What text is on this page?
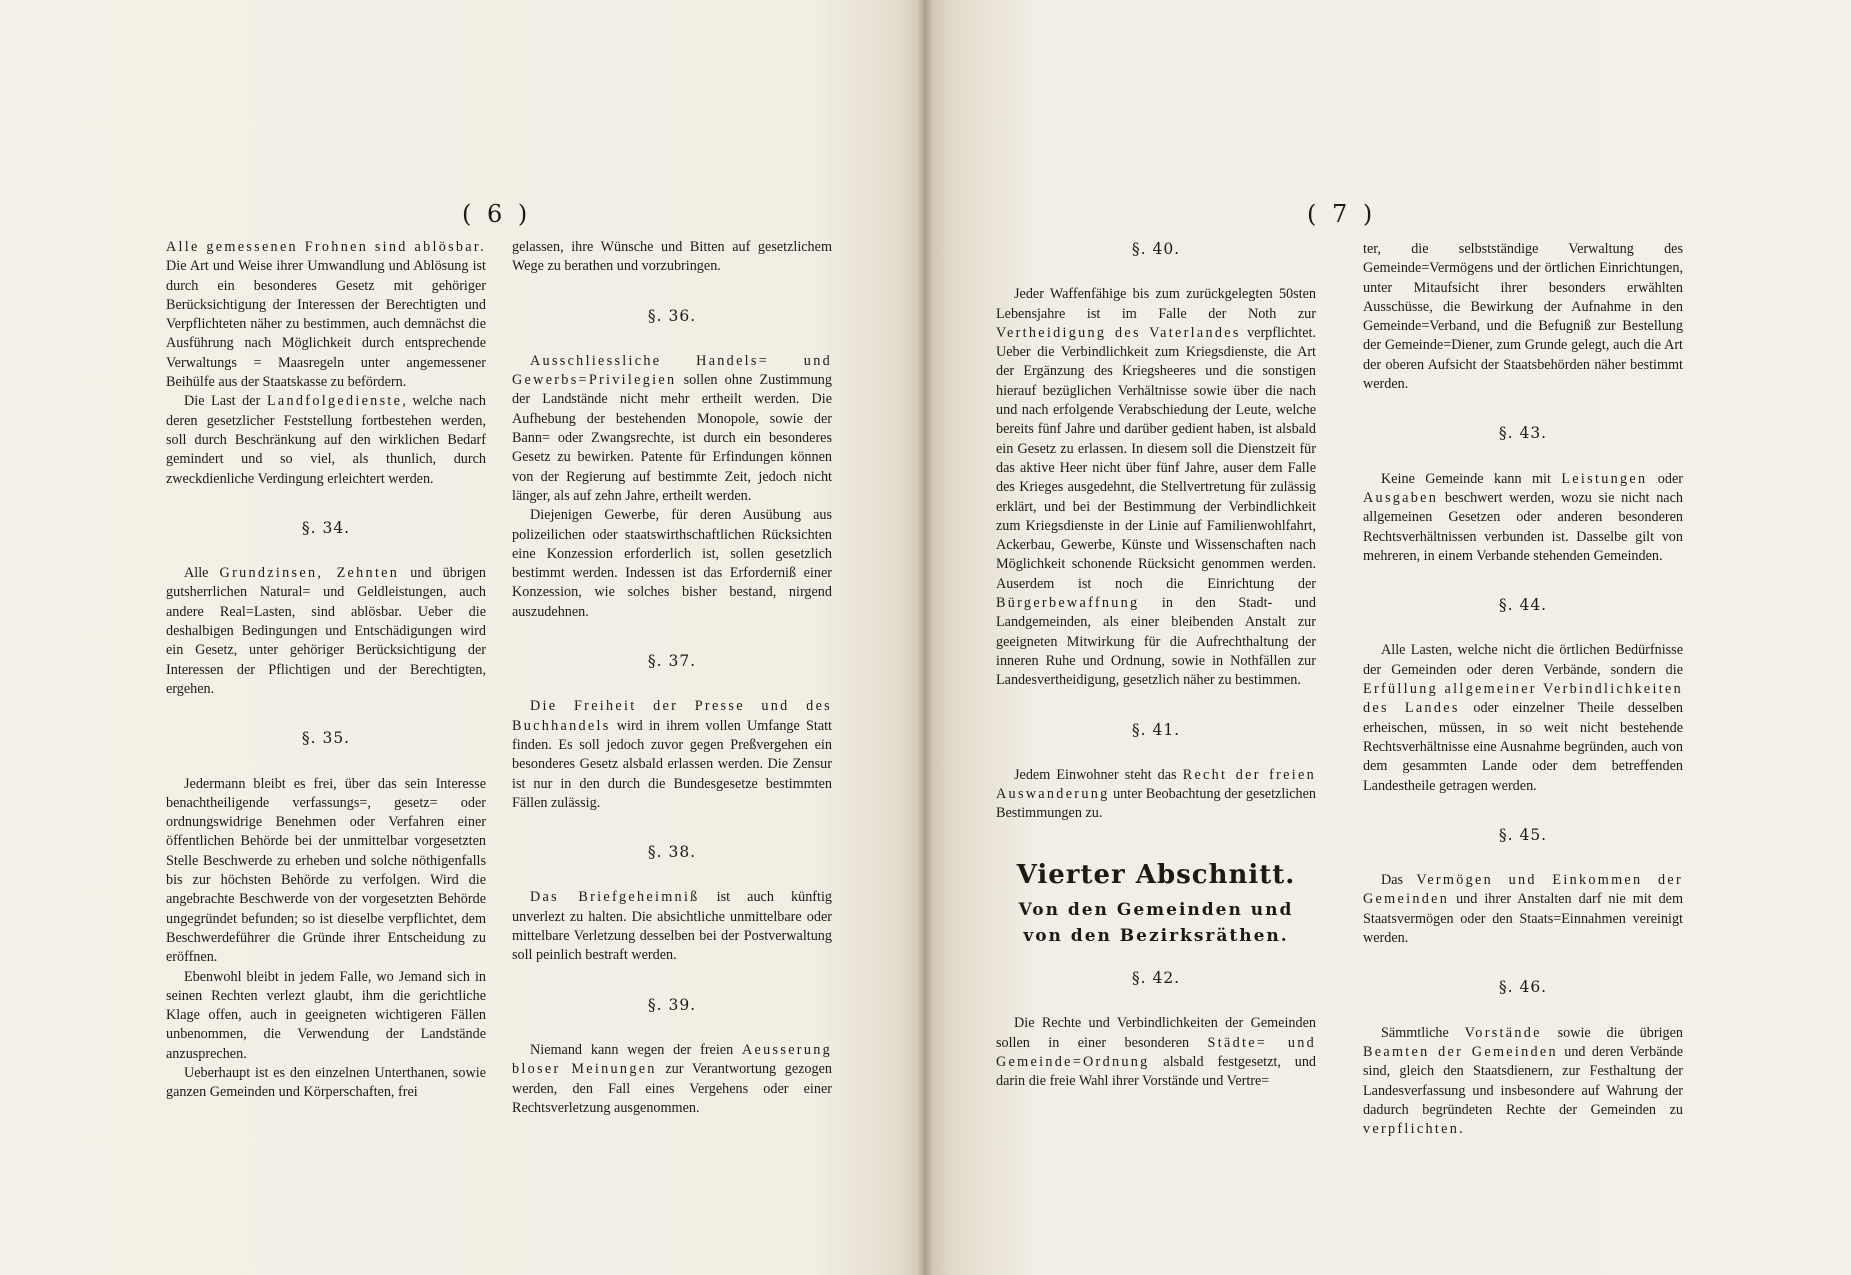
( 6 )	( 7 )

Alle gemessenen Frohnen sind ablösbar. Die Art und Weise ihrer Umwandlung und Ablösung ist durch ein besonderes Gesetz mit gehöriger Berücksichtigung der Interessen der Berechtigten und Verpflichteten näher zu bestimmen, auch demnächst die Ausführung nach Möglichkeit durch entsprechende Verwaltungs = Maasregeln unter angemessener Beihülfe aus der Staatskasse zu befördern.

Die Last der Landfolgedienste, welche nach deren gesetzlicher Feststellung fortbestehen werden, soll durch Beschränkung auf den wirklichen Bedarf gemindert und so viel, als thunlich, durch zweckdienliche Verdingung erleichtert werden.

§. 34.

Alle Grundzinsen, Zehnten und übrigen gutsherrlichen Natural= und Geldleistungen, auch andere Real=Lasten, sind ablösbar. Ueber die deshalbigen Bedingungen und Entschädigungen wird ein Gesetz, unter gehöriger Berücksichtigung der Interessen der Pflichtigen und der Berechtigten, ergehen.

§. 35.

Jedermann bleibt es frei, über das sein Interesse benachtheiligende verfassungs=, gesetz= oder ordnungswidrige Benehmen oder Verfahren einer öffentlichen Behörde bei der unmittelbar vorgesetzten Stelle Beschwerde zu erheben und solche nöthigenfalls bis zur höchsten Behörde zu verfolgen. Wird die angebrachte Beschwerde von der vorgesetzten Behörde ungegründet befunden; so ist dieselbe verpflichtet, dem Beschwerdeführer die Gründe ihrer Entscheidung zu eröffnen.

Ebenwohl bleibt in jedem Falle, wo Jemand sich in seinen Rechten verlezt glaubt, ihm die gerichtliche Klage offen, auch in geeigneten wichtigeren Fällen unbenommen, die Verwendung der Landstände anzusprechen.

Ueberhaupt ist es den einzelnen Unterthanen, sowie ganzen Gemeinden und Körperschaften, frei

gelassen, ihre Wünsche und Bitten auf gesetzlichem Wege zu berathen und vorzubringen.

§. 36.

Ausschliessliche Handels= und Gewerbs=Privilegien sollen ohne Zustimmung der Landstände nicht mehr ertheilt werden. Die Aufhebung der bestehenden Monopole, sowie der Bann= oder Zwangsrechte, ist durch ein besonderes Gesetz zu bewirken. Patente für Erfindungen können von der Regierung auf bestimmte Zeit, jedoch nicht länger, als auf zehn Jahre, ertheilt werden.

Diejenigen Gewerbe, für deren Ausübung aus polizeilichen oder staatswirthschaftlichen Rücksichten eine Konzession erforderlich ist, sollen gesetzlich bestimmt werden. Indessen ist das Erforderniß einer Konzession, wie solches bisher bestand, nirgend auszudehnen.

§. 37.

Die Freiheit der Presse und des Buchhandels wird in ihrem vollen Umfange Statt finden. Es soll jedoch zuvor gegen Preßvergehen ein besonderes Gesetz alsbald erlassen werden. Die Zensur ist nur in den durch die Bundesgesetze bestimmten Fällen zulässig.

§. 38.

Das Briefgeheimniß ist auch künftig unverlezt zu halten. Die absichtliche unmittelbare oder mittelbare Verletzung desselben bei der Postverwaltung soll peinlich bestraft werden.

§. 39.

Niemand kann wegen der freien Aeusserung bloser Meinungen zur Verantwortung gezogen werden, den Fall eines Vergehens oder einer Rechtsverletzung ausgenommen.

§. 40.

Jeder Waffenfähige bis zum zurückgelegten 50sten Lebensjahre ist im Falle der Noth zur Vertheidigung des Vaterlandes verpflichtet. Ueber die Verbindlichkeit zum Kriegsdienste, die Art der Ergänzung des Kriegsheeres und die sonstigen hierauf bezüglichen Verhältnisse sowie über die nach und nach erfolgende Verabschiedung der Leute, welche bereits fünf Jahre und darüber gedient haben, ist alsbald ein Gesetz zu erlassen. In diesem soll die Dienstzeit für das aktive Heer nicht über fünf Jahre, auser dem Falle des Krieges ausgedehnt, die Stellvertretung für zulässig erklärt, und bei der Bestimmung der Verbindlichkeit zum Kriegsdienste in der Linie auf Familienwohlfahrt, Ackerbau, Gewerbe, Künste und Wissenschaften nach Möglichkeit schonende Rücksicht genommen werden. Auserdem ist noch die Einrichtung der Bürgerbewaffnung in den Stadt- und Landgemeinden, als einer bleibenden Anstalt zur geeigneten Mitwirkung für die Aufrechthaltung der inneren Ruhe und Ordnung, sowie in Nothfällen zur Landesvertheidigung, gesetzlich näher zu bestimmen.

§. 41.

Jedem Einwohner steht das Recht der freien Auswanderung unter Beobachtung der gesetzlichen Bestimmungen zu.

Vierter Abschnitt.
Von den Gemeinden und von den Bezirksräthen.
§. 42.

Die Rechte und Verbindlichkeiten der Gemeinden sollen in einer besonderen Städte= und Gemeinde=Ordnung alsbald festgesetzt, und darin die freie Wahl ihrer Vorstände und Vertre=

ter, die selbstständige Verwaltung des Gemeinde=Vermögens und der örtlichen Einrichtungen, unter Mitaufsicht ihrer besonders erwählten Ausschüsse, die Bewirkung der Aufnahme in den Gemeinde=Verband, und die Befugniß zur Bestellung der Gemeinde=Diener, zum Grunde gelegt, auch die Art der oberen Aufsicht der Staatsbehörden näher bestimmt werden.

§. 43.

Keine Gemeinde kann mit Leistungen oder Ausgaben beschwert werden, wozu sie nicht nach allgemeinen Gesetzen oder anderen besonderen Rechtsverhältnissen verbunden ist. Dasselbe gilt von mehreren, in einem Verbande stehenden Gemeinden.

§. 44.

Alle Lasten, welche nicht die örtlichen Bedürfnisse der Gemeinden oder deren Verbände, sondern die Erfüllung allgemeiner Verbindlichkeiten des Landes oder einzelner Theile desselben erheischen, müssen, in so weit nicht bestehende Rechtsverhältnisse eine Ausnahme begründen, auch von dem gesammten Lande oder dem betreffenden Landestheile getragen werden.

§. 45.

Das Vermögen und Einkommen der Gemeinden und ihrer Anstalten darf nie mit dem Staatsvermögen oder den Staats=Einnahmen vereinigt werden.

§. 46.

Sämmtliche Vorstände sowie die übrigen Beamten der Gemeinden und deren Verbände sind, gleich den Staatsdienern, zur Festhaltung der Landesverfassung und insbesondere auf Wahrung der dadurch begründeten Rechte der Gemeinden zu verpflichten.
